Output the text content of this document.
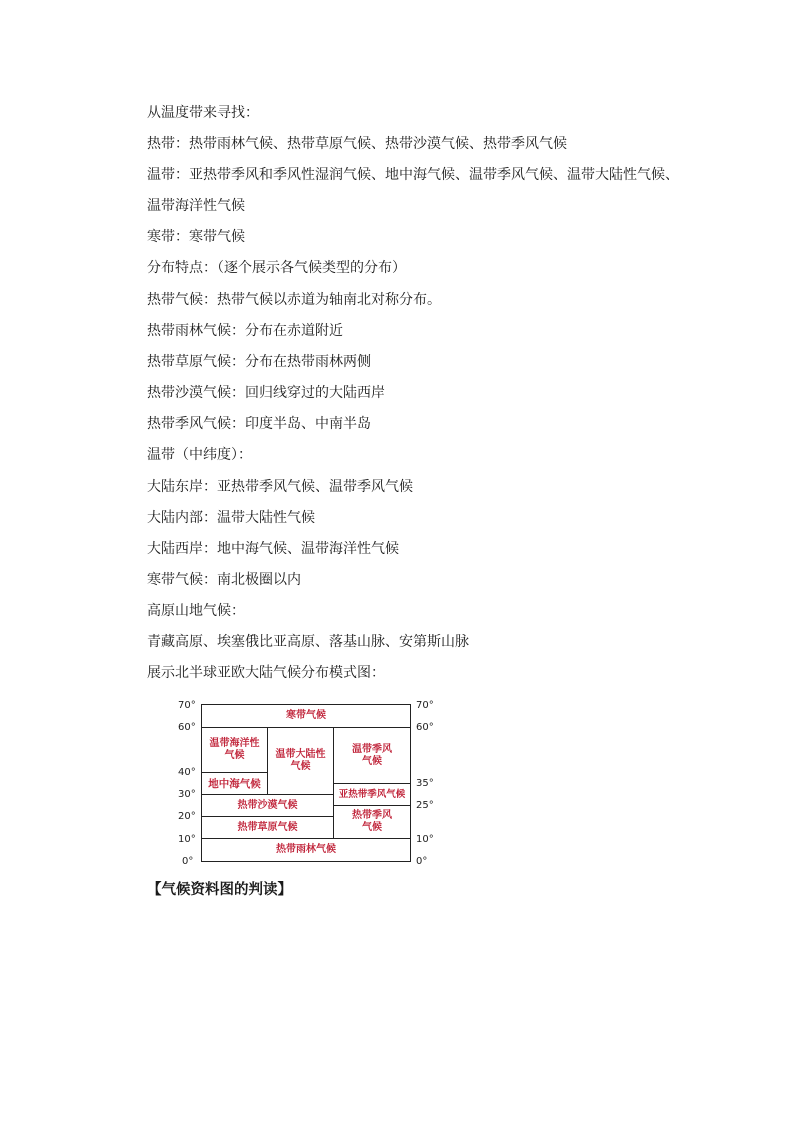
从温度带来寻找：
热带：热带雨林气候、热带草原气候、热带沙漠气候、热带季风气候
温带：亚热带季风和季风性湿润气候、地中海气候、温带季风气候、温带大陆性气候、
温带海洋性气候
寒带：寒带气候
分布特点：（逐个展示各气候类型的分布）
热带气候：热带气候以赤道为轴南北对称分布。
热带雨林气候：分布在赤道附近
热带草原气候：分布在热带雨林两侧
热带沙漠气候：回归线穿过的大陆西岸
热带季风气候：印度半岛、中南半岛
温带（中纬度）：
大陆东岸：亚热带季风气候、温带季风气候
大陆内部：温带大陆性气候
大陆西岸：地中海气候、温带海洋性气候
寒带气候：南北极圈以内
高原山地气候：
青藏高原、埃塞俄比亚高原、落基山脉、安第斯山脉
展示北半球亚欧大陆气候分布模式图：
70°
60°
40°
30°
20°
10°
0°
70°
60°
35°
25°
10°
0°
寒带气候
温带海洋性气候	温带大陆性气候
温带季风气候
地中海气候
亚热带季风气候
热带沙漠气候
热带季风气候
热带草原气候
热带雨林气候
【气候资料图的判读】
